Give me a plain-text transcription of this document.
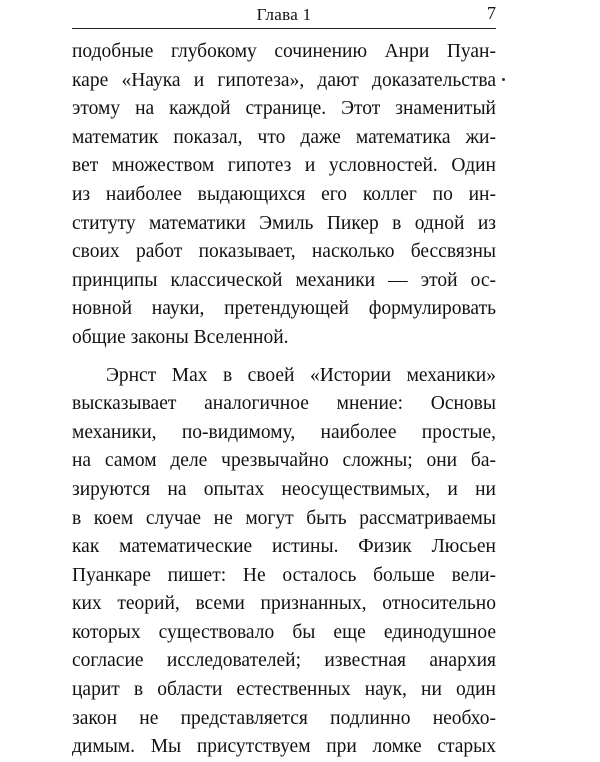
Глава 1	7
подобные глубокому сочинению Анри Пуан-
каре «Наука и гипотеза», дают доказательства
этому на каждой странице. Этот знаменитый
математик показал, что даже математика жи-
вет множеством гипотез и условностей. Один
из наиболее выдающихся его коллег по ин-
ституту математики Эмиль Пикер в одной из
своих работ показывает, насколько бессвязны
принципы классической механики — этой ос-
новной науки, претендующей формулировать
общие законы Вселенной.
Эрнст Мах в своей «Истории механики»
высказывает аналогичное мнение: Основы
механики, по-видимому, наиболее простые,
на самом деле чрезвычайно сложны; они ба-
зируются на опытах неосуществимых, и ни
в коем случае не могут быть рассматриваемы
как математические истины. Физик Люсьен
Пуанкаре пишет: Не осталось больше вели-
ких теорий, всеми признанных, относительно
которых существовало бы еще единодушное
согласие исследователей; известная анархия
царит в области естественных наук, ни один
закон не представляется подлинно необхо-
димым. Мы присутствуем при ломке старых
